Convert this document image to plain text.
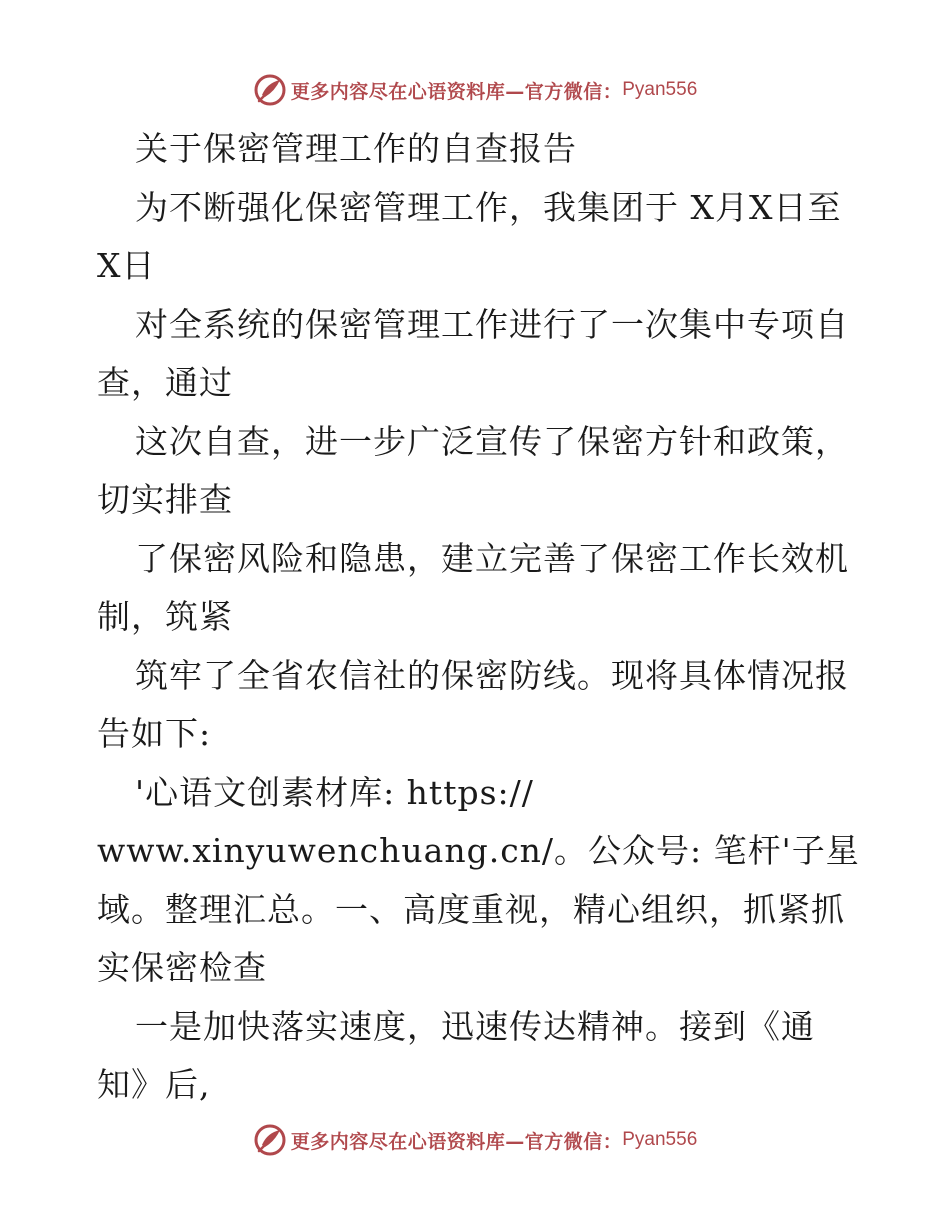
更多内容尽在心语资料库—官方微信： Pyan556
关于保密管理工作的自查报告
为不断强化保密管理工作，我集团于 X月X日至
X日
对全系统的保密管理工作进行了一次集中专项自
查，通过
这次自查，进一步广泛宣传了保密方针和政策，
切实排查
了保密风险和隐患，建立完善了保密工作长效机
制，筑紧
筑牢了全省农信社的保密防线。现将具体情况报
告如下:
'心语文创素材库: https://
www.xinyuwenchuang.cn/。公众号: 笔杆'子星
域。整理汇总。一、高度重视，精心组织，抓紧抓
实保密检查
一是加快落实速度，迅速传达精神。接到《通
知》后,
更多内容尽在心语资料库—官方微信： Pyan556
